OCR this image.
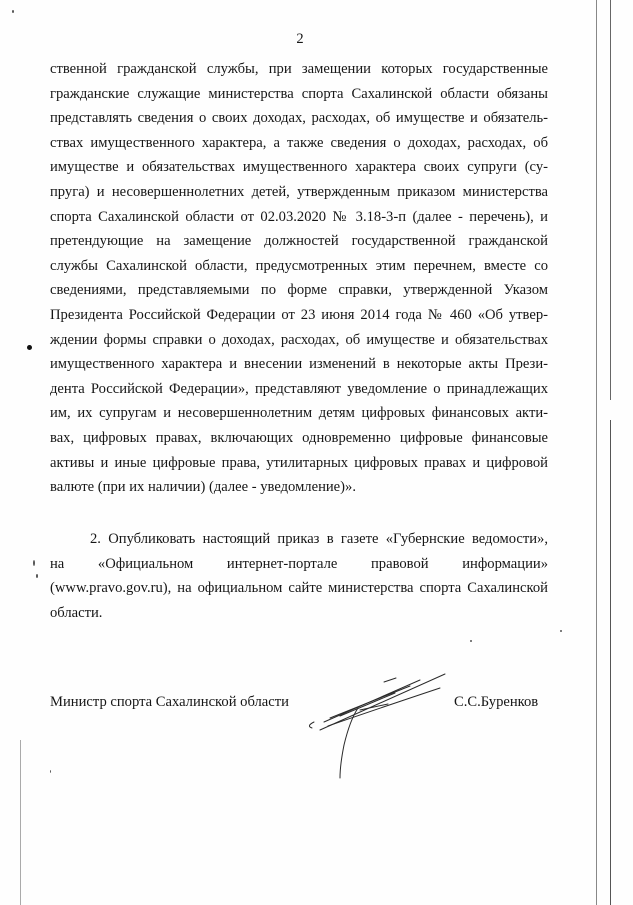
2
ственной гражданской службы, при замещении которых государственные
гражданские служащие министерства спорта Сахалинской области обязаны
представлять сведения о своих доходах, расходах, об имуществе и обязатель-
ствах имущественного характера, а также сведения о доходах, расходах, об
имуществе и обязательствах имущественного характера своих супруги (су-
пруга) и несовершеннолетних детей, утвержденным приказом министерства
спорта Сахалинской области от 02.03.2020 № 3.18-3-п (далее - перечень), и
претендующие на замещение должностей государственной гражданской
службы Сахалинской области, предусмотренных этим перечнем, вместе со
сведениями, представляемыми по форме справки, утвержденной Указом
Президента Российской Федерации от 23 июня 2014 года № 460 «Об утвер-
ждении формы справки о доходах, расходах, об имуществе и обязательствах
имущественного характера и внесении изменений в некоторые акты Прези-
дента Российской Федерации», представляют уведомление о принадлежащих
им, их супругам и несовершеннолетним детям цифровых финансовых акти-
вах, цифровых правах, включающих одновременно цифровые финансовые
активы и иные цифровые права, утилитарных цифровых правах и цифровой
валюте (при их наличии) (далее - уведомление)».
2. Опубликовать настоящий приказ в газете «Губернские ведомости»,
на «Официальном интернет-портале правовой информации»
(www.pravo.gov.ru), на официальном сайте министерства спорта Сахалинской
области.
Министр спорта Сахалинской области	С.С.Буренков
